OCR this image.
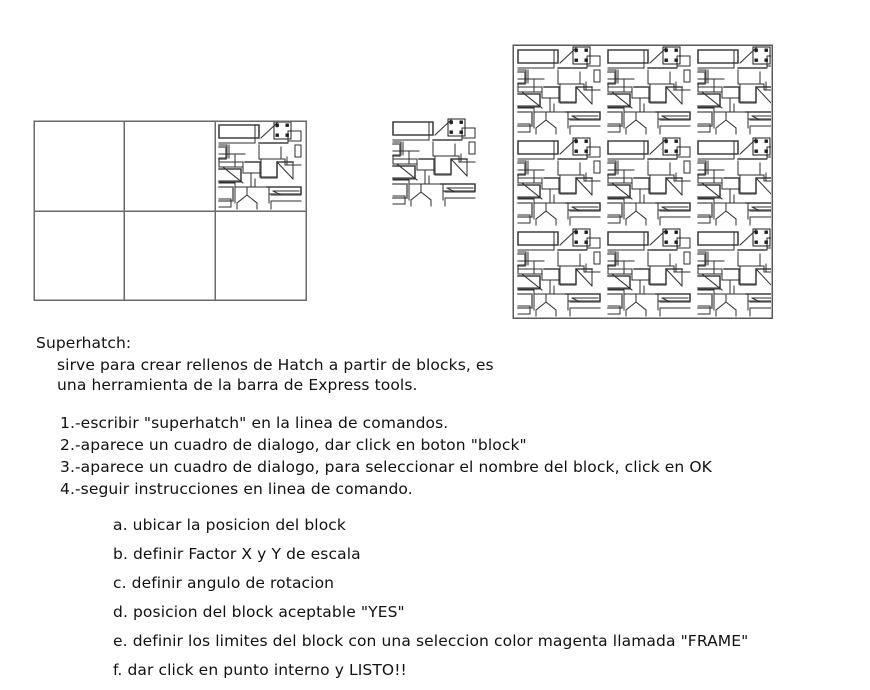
Superhatch:
sirve para crear rellenos de Hatch a partir de blocks, es
una herramienta de la barra de Express tools.
1.-escribir "superhatch" en la linea de comandos.
2.-aparece un cuadro de dialogo, dar click en boton "block"
3.-aparece un cuadro de dialogo, para seleccionar el nombre del block, click en OK
4.-seguir instrucciones en linea de comando.
a. ubicar la posicion del block
b. definir Factor X y Y de escala
c. definir angulo de rotacion
d. posicion del block aceptable "YES"
e. definir los limites del block con una seleccion color magenta llamada "FRAME"
f. dar click en punto interno y LISTO!!
